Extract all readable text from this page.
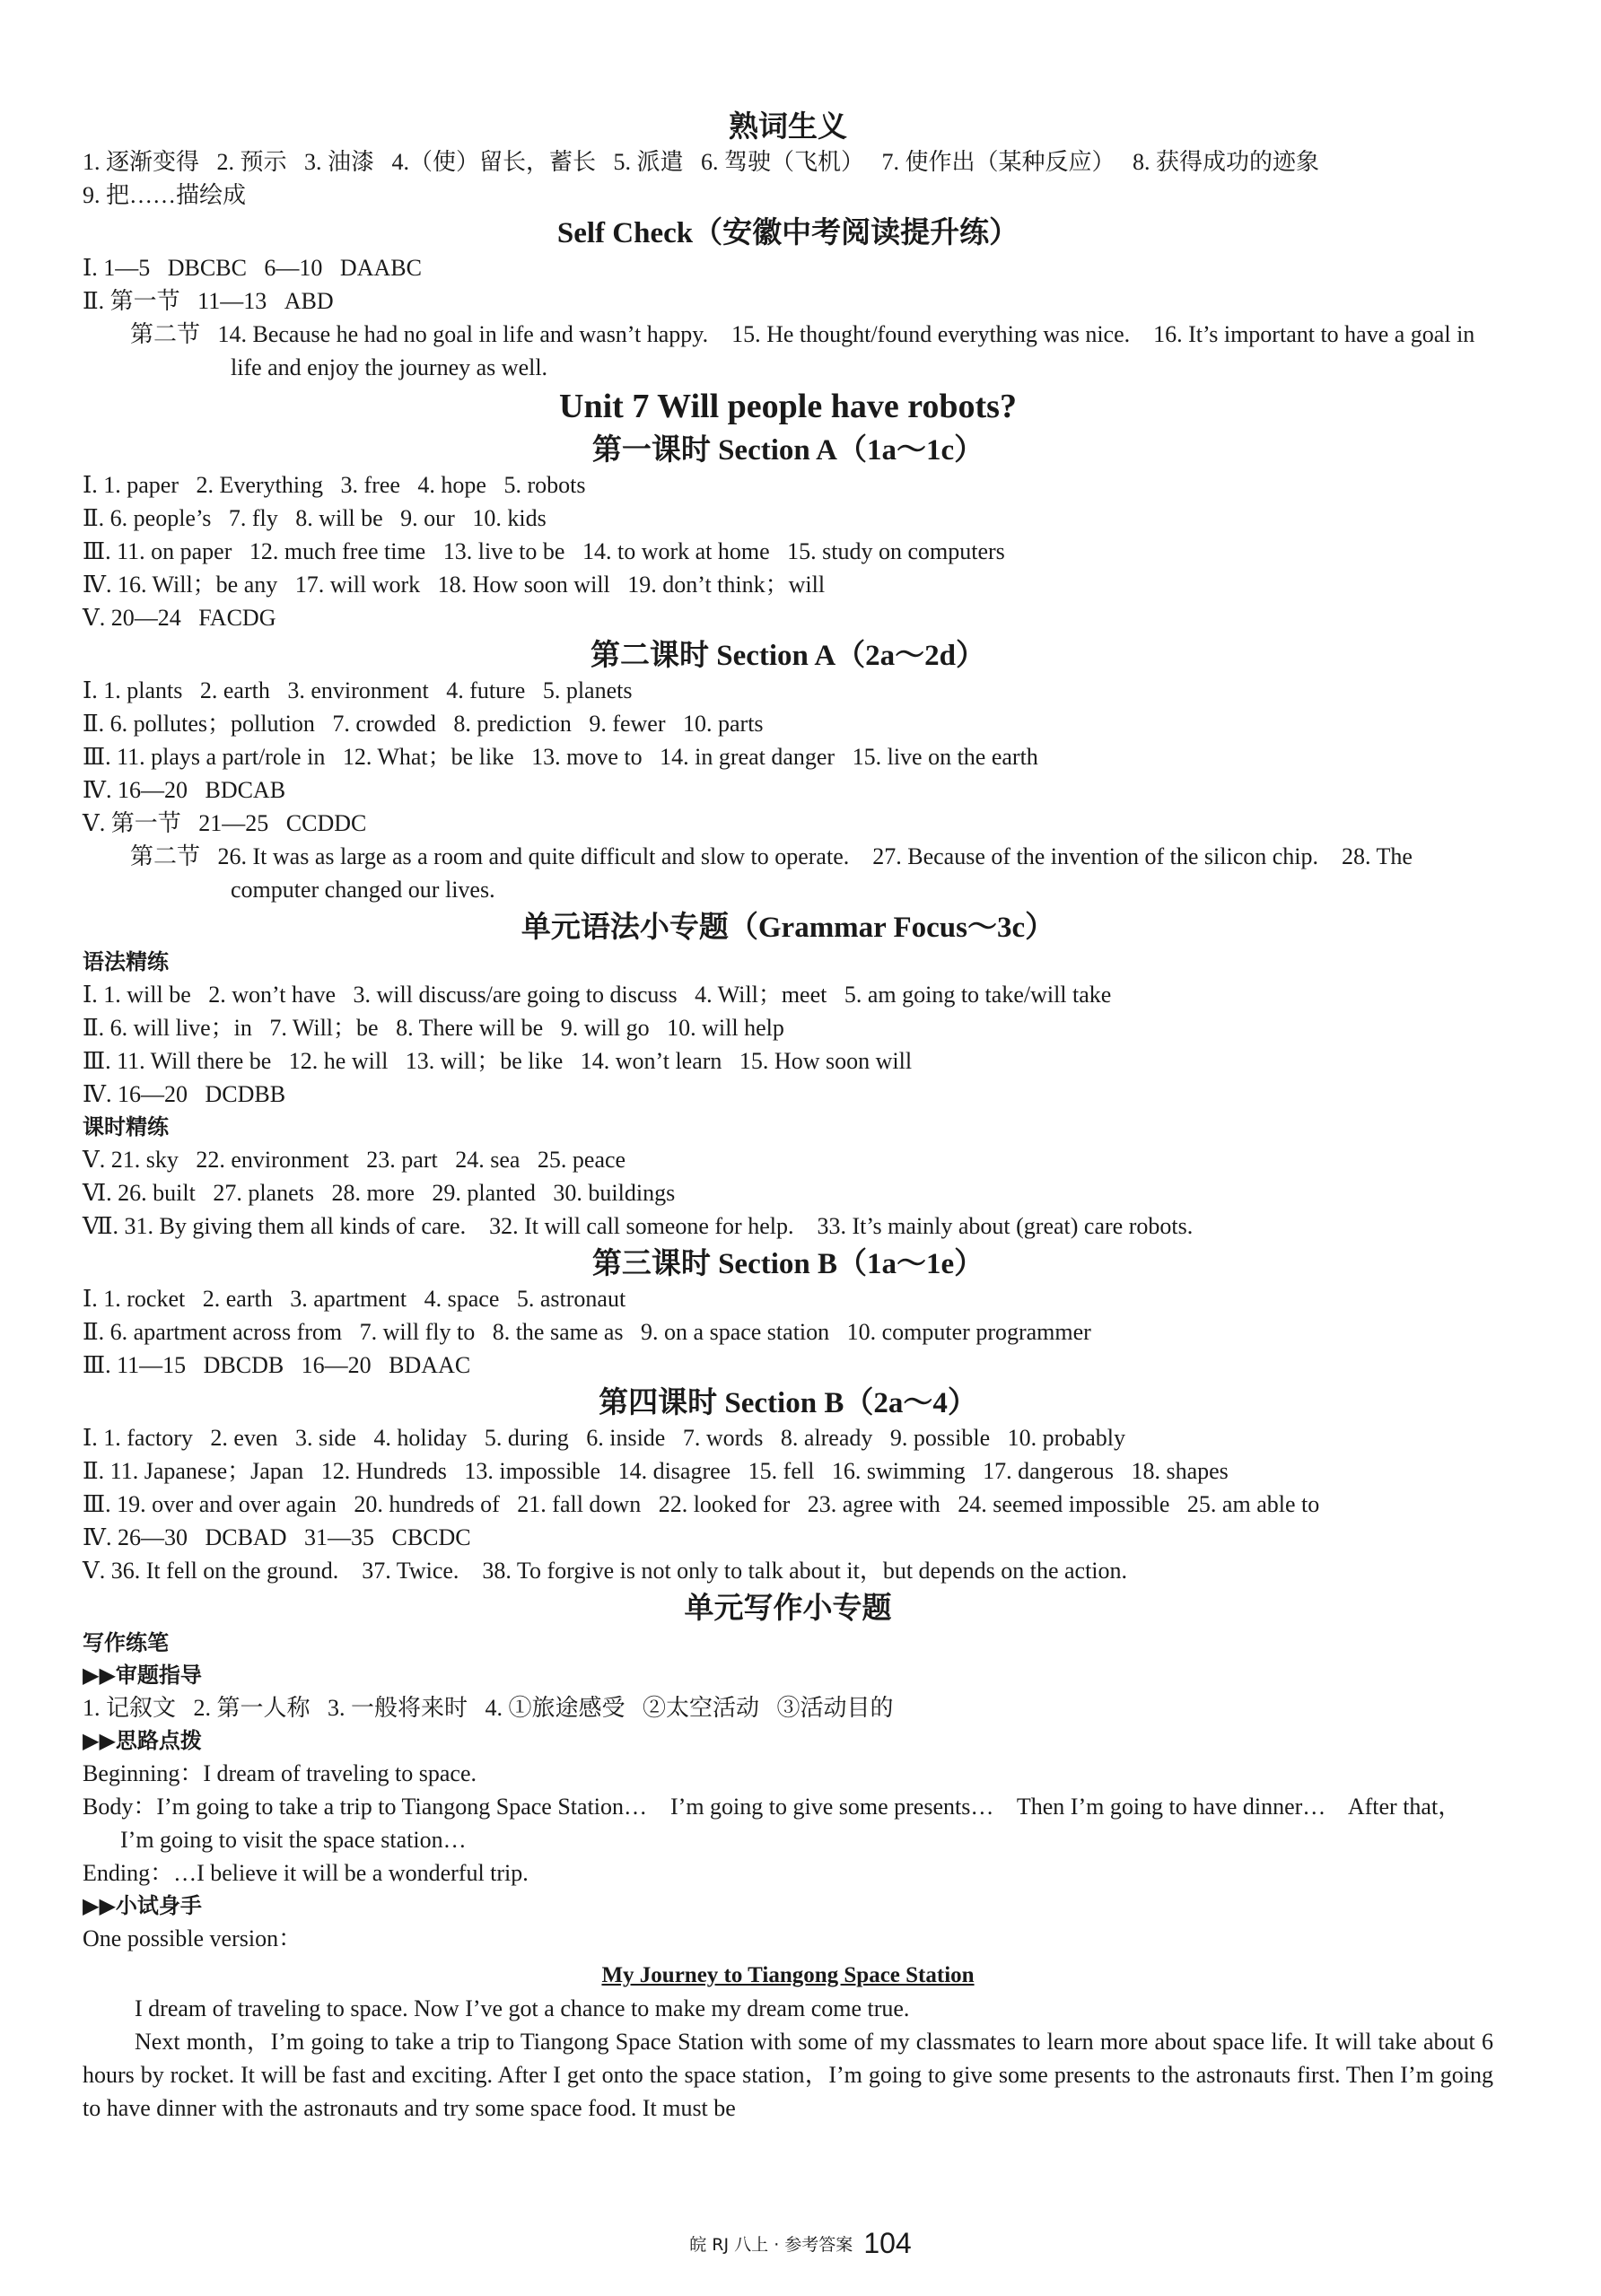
熟词生义
1. 逐渐变得   2. 预示   3. 油漆   4.（使）留长，蓄长   5. 派遣   6. 驾驶（飞机）   7. 使作出（某种反应）   8. 获得成功的迹象
9. 把……描绘成
Self Check（安徽中考阅读提升练）
Ⅰ. 1—5   DBCBC   6—10   DAABC
Ⅱ. 第一节   11—13   ABD
第二节   14. Because he had no goal in life and wasn’t happy.    15. He thought/found everything was nice.    16. It’s important to have a goal in life and enjoy the journey as well.
Unit 7 Will people have robots?
第一课时 Section A（1a～1c）
Ⅰ. 1. paper   2. Everything   3. free   4. hope   5. robots
Ⅱ. 6. people’s   7. fly   8. will be   9. our   10. kids
Ⅲ. 11. on paper   12. much free time   13. live to be   14. to work at home   15. study on computers
Ⅳ. 16. Will；be any   17. will work   18. How soon will   19. don’t think；will
Ⅴ. 20—24   FACDG
第二课时 Section A（2a～2d）
Ⅰ. 1. plants   2. earth   3. environment   4. future   5. planets
Ⅱ. 6. pollutes；pollution   7. crowded   8. prediction   9. fewer   10. parts
Ⅲ. 11. plays a part/role in   12. What；be like   13. move to   14. in great danger   15. live on the earth
Ⅳ. 16—20   BDCAB
Ⅴ. 第一节   21—25   CCDDC
第二节   26. It was as large as a room and quite difficult and slow to operate.    27. Because of the invention of the silicon chip.    28. The computer changed our lives.
单元语法小专题（Grammar Focus～3c）
语法精练
Ⅰ. 1. will be   2. won’t have   3. will discuss/are going to discuss   4. Will；meet   5. am going to take/will take
Ⅱ. 6. will live；in   7. Will；be   8. There will be   9. will go   10. will help
Ⅲ. 11. Will there be   12. he will   13. will；be like   14. won’t learn   15. How soon will
Ⅳ. 16—20   DCDBB
课时精练
Ⅴ. 21. sky   22. environment   23. part   24. sea   25. peace
Ⅵ. 26. built   27. planets   28. more   29. planted   30. buildings
Ⅶ. 31. By giving them all kinds of care.    32. It will call someone for help.    33. It’s mainly about (great) care robots.
第三课时 Section B（1a～1e）
Ⅰ. 1. rocket   2. earth   3. apartment   4. space   5. astronaut
Ⅱ. 6. apartment across from   7. will fly to   8. the same as   9. on a space station   10. computer programmer
Ⅲ. 11—15   DBCDB   16—20   BDAAC
第四课时 Section B（2a～4）
Ⅰ. 1. factory   2. even   3. side   4. holiday   5. during   6. inside   7. words   8. already   9. possible   10. probably
Ⅱ. 11. Japanese；Japan   12. Hundreds   13. impossible   14. disagree   15. fell   16. swimming   17. dangerous   18. shapes
Ⅲ. 19. over and over again   20. hundreds of   21. fall down   22. looked for   23. agree with   24. seemed impossible   25. am able to
Ⅳ. 26—30   DCBAD   31—35   CBCDC
Ⅴ. 36. It fell on the ground.    37. Twice.    38. To forgive is not only to talk about it，but depends on the action.
单元写作小专题
写作练笔
▶▶审题指导
1. 记叙文   2. 第一人称   3. 一般将来时   4. ①旅途感受   ②太空活动   ③活动目的
▶▶思路点拨
Beginning：I dream of traveling to space.
Body：I’m going to take a trip to Tiangong Space Station…    I’m going to give some presents…    Then I’m going to have dinner…    After that，I’m going to visit the space station…
Ending：…I believe it will be a wonderful trip.
▶▶小试身手
One possible version：
My Journey to Tiangong Space Station
I dream of traveling to space. Now I’ve got a chance to make my dream come true.
Next month，I’m going to take a trip to Tiangong Space Station with some of my classmates to learn more about space life. It will take about 6 hours by rocket. It will be fast and exciting. After I get onto the space station，I’m going to give some presents to the astronauts first. Then I’m going to have dinner with the astronauts and try some space food. It must be
皖 RJ 八上 · 参考答案 104
